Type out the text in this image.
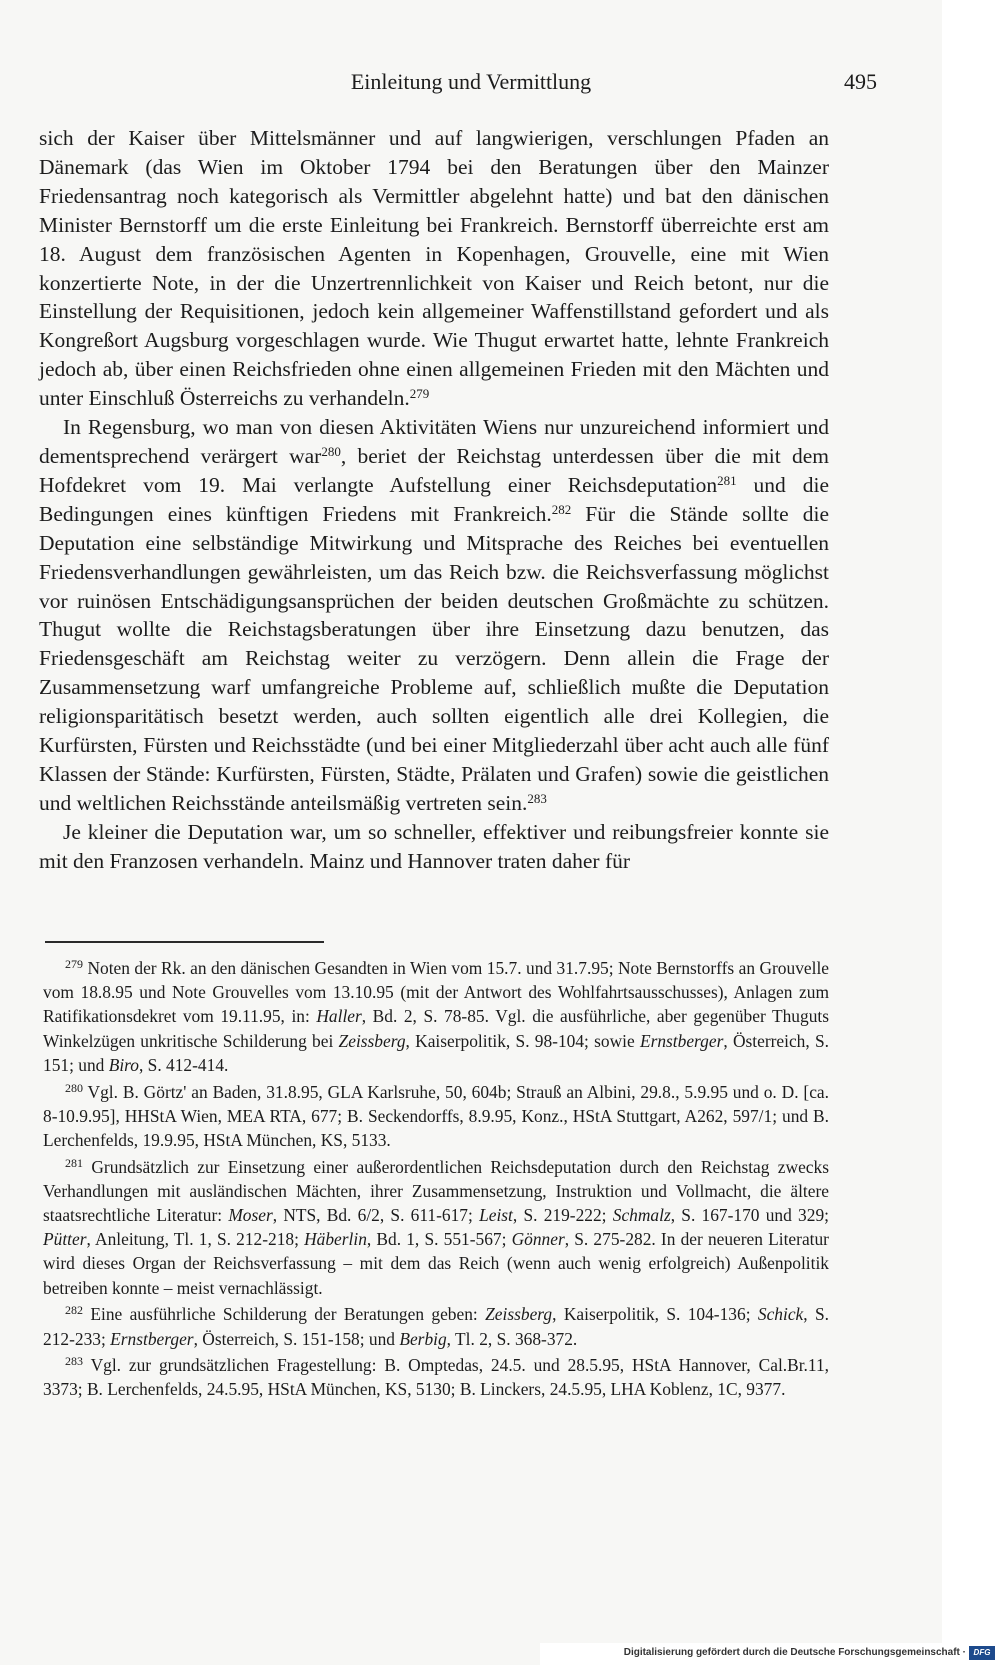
Einleitung und Vermittlung	495

sich der Kaiser über Mittelsmänner und auf langwierigen, verschlungen Pfaden an Dänemark (das Wien im Oktober 1794 bei den Beratungen über den Mainzer Friedensantrag noch kategorisch als Vermittler abgelehnt hatte) und bat den dänischen Minister Bernstorff um die erste Einleitung bei Frankreich. Bernstorff überreichte erst am 18. August dem französischen Agenten in Kopenhagen, Grouvelle, eine mit Wien konzertierte Note, in der die Unzertrennlichkeit von Kaiser und Reich betont, nur die Einstellung der Requisitionen, jedoch kein allgemeiner Waffenstillstand gefordert und als Kongreßort Augsburg vorgeschlagen wurde. Wie Thugut erwartet hatte, lehnte Frankreich jedoch ab, über einen Reichsfrieden ohne einen allgemeinen Frieden mit den Mächten und unter Einschluß Österreichs zu verhandeln.$^{279}$

In Regensburg, wo man von diesen Aktivitäten Wiens nur unzureichend informiert und dementsprechend verärgert war$^{280}$, beriet der Reichstag unterdessen über die mit dem Hofdekret vom 19. Mai verlangte Aufstellung einer Reichsdeputation$^{281}$ und die Bedingungen eines künftigen Friedens mit Frankreich.$^{282}$ Für die Stände sollte die Deputation eine selbständige Mitwirkung und Mitsprache des Reiches bei eventuellen Friedensverhandlungen gewährleisten, um das Reich bzw. die Reichsverfassung möglichst vor ruinösen Entschädigungsansprüchen der beiden deutschen Großmächte zu schützen. Thugut wollte die Reichstagsberatungen über ihre Einsetzung dazu benutzen, das Friedensgeschäft am Reichstag weiter zu verzögern. Denn allein die Frage der Zusammensetzung warf umfangreiche Probleme auf, schließlich mußte die Deputation religionsparitätisch besetzt werden, auch sollten eigentlich alle drei Kollegien, die Kurfürsten, Fürsten und Reichsstädte (und bei einer Mitgliederzahl über acht auch alle fünf Klassen der Stände: Kurfürsten, Fürsten, Städte, Prälaten und Grafen) sowie die geistlichen und weltlichen Reichsstände anteilsmäßig vertreten sein.$^{283}$

Je kleiner die Deputation war, um so schneller, effektiver und reibungsfreier konnte sie mit den Franzosen verhandeln. Mainz und Hannover traten daher für

$^{279}$ Noten der Rk. an den dänischen Gesandten in Wien vom 15.7. und 31.7.95; Note Bernstorffs an Grouvelle vom 18.8.95 und Note Grouvelles vom 13.10.95 (mit der Antwort des Wohlfahrtsausschusses), Anlagen zum Ratifikationsdekret vom 19.11.95, in: Haller, Bd. 2, S. 78-85. Vgl. die ausführliche, aber gegenüber Thuguts Winkelzügen unkritische Schilderung bei Zeissberg, Kaiserpolitik, S. 98-104; sowie Ernstberger, Österreich, S. 151; und Biro, S. 412-414.
$^{280}$ Vgl. B. Görtz' an Baden, 31.8.95, GLA Karlsruhe, 50, 604b; Strauß an Albini, 29.8., 5.9.95 und o. D. [ca. 8-10.9.95], HHStA Wien, MEA RTA, 677; B. Seckendorffs, 8.9.95, Konz., HStA Stuttgart, A262, 597/1; und B. Lerchenfelds, 19.9.95, HStA München, KS, 5133.
$^{281}$ Grundsätzlich zur Einsetzung einer außerordentlichen Reichsdeputation durch den Reichstag zwecks Verhandlungen mit ausländischen Mächten, ihrer Zusammensetzung, Instruktion und Vollmacht, die ältere staatsrechtliche Literatur: Moser, NTS, Bd. 6/2, S. 611-617; Leist, S. 219-222; Schmalz, S. 167-170 und 329; Pütter, Anleitung, Tl. 1, S. 212-218; Häberlin, Bd. 1, S. 551-567; Gönner, S. 275-282. In der neueren Literatur wird dieses Organ der Reichsverfassung – mit dem das Reich (wenn auch wenig erfolgreich) Außenpolitik betreiben konnte – meist vernachlässigt.
$^{282}$ Eine ausführliche Schilderung der Beratungen geben: Zeissberg, Kaiserpolitik, S. 104-136; Schick, S. 212-233; Ernstberger, Österreich, S. 151-158; und Berbig, Tl. 2, S. 368-372.
$^{283}$ Vgl. zur grundsätzlichen Fragestellung: B. Omptedas, 24.5. und 28.5.95, HStA Hannover, Cal.Br.11, 3373; B. Lerchenfelds, 24.5.95, HStA München, KS, 5130; B. Linckers, 24.5.95, LHA Koblenz, 1C, 9377.
Digitalisierung gefördert durch die Deutsche Forschungsgemeinschaft · DFG
